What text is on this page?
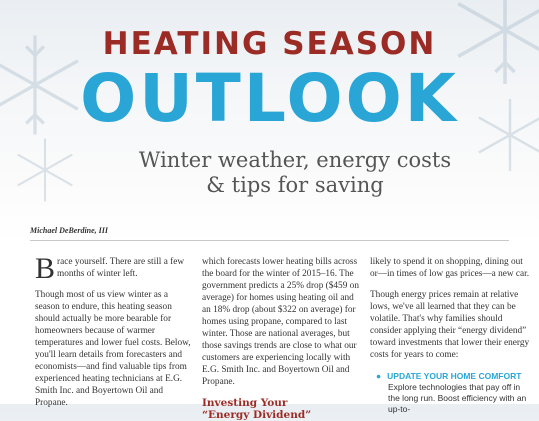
HEATING SEASON
OUTLOOK
Winter weather, energy costs
& tips for saving
Michael DeBerdine, III

Brace yourself. There are still a few months of winter left.

Though most of us view winter as a season to endure, this heating season should actually be more bearable for homeowners because of warmer temperatures and lower fuel costs. Below, you'll learn details from forecasters and economists—and find valuable tips from experienced heating technicians at E.G. Smith Inc. and Boyertown Oil and Propane.

which forecasts lower heating bills across the board for the winter of 2015–16. The government predicts a 25% drop ($459 on average) for homes using heating oil and an 18% drop (about $322 on average) for homes using propane, compared to last winter. Those are national averages, but those savings trends are close to what our customers are experiencing locally with E.G. Smith Inc. and Boyertown Oil and Propane.

Investing Your
“Energy Dividend”

likely to spend it on shopping, dining out or—in times of low gas prices—a new car.

Though energy prices remain at relative lows, we've all learned that they can be volatile. That's why families should consider applying their “energy dividend” toward investments that lower their energy costs for years to come:

● UPDATE YOUR HOME COMFORT
Explore technologies that pay off in the long run. Boost efficiency with an up-to-
